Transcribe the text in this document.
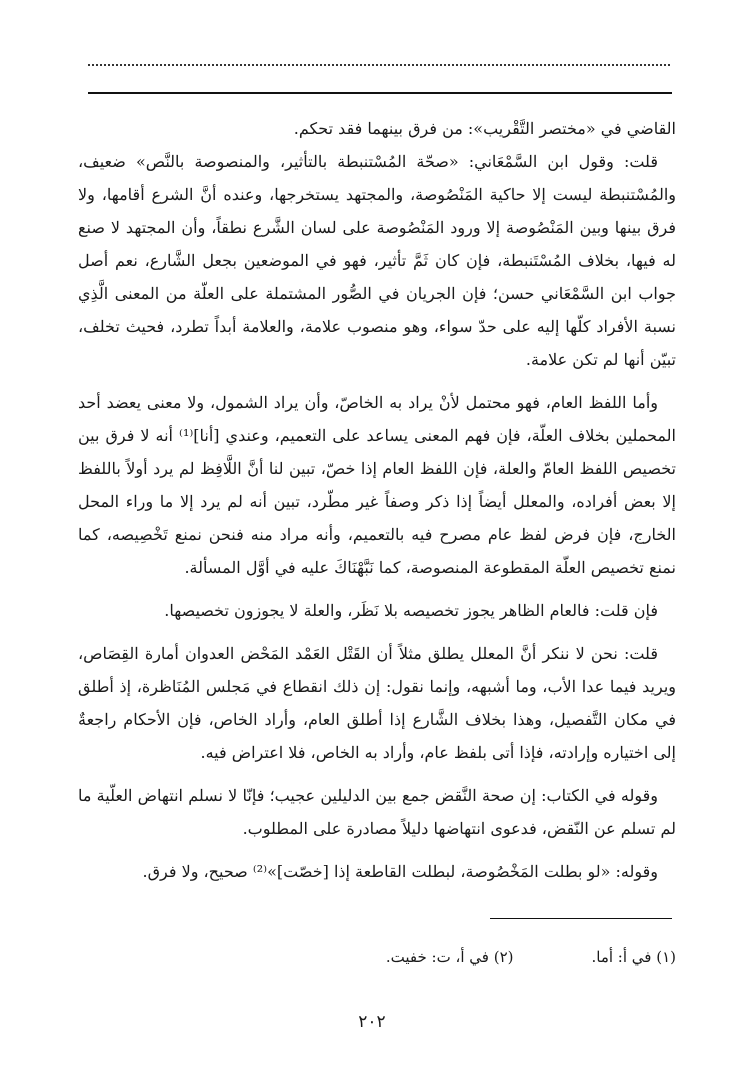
القاضي في «مختصر التَّقْريب»: من فرق بينهما فقد تحكم.

قلت: وقول ابن السَّمْعَاني: «صحّة المُسْتنبطة بالتأثير، والمنصوصة بالنَّص» ضعيف، والمُسْتنبطة ليست إلا حاكية المَنْصُوصة، والمجتهد يستخرجها، وعنده أنَّ الشرع أقامها، ولا فرق بينها وبين المَنْصُوصة إلا ورود المَنْصُوصة على لسان الشَّرع نطقاً، وأن المجتهد لا صنع له فيها، بخلاف المُسْتَنبطة، فإن كان ثَمَّ تأثير، فهو في الموضعين بجعل الشَّارع، نعم أصل جواب ابن السَّمْعَاني حسن؛ فإن الجريان في الصُّور المشتملة على العلّة من المعنى الَّذِي نسبة الأفراد كلّها إليه على حدّ سواء، وهو منصوب علامة، والعلامة أبداً تطرد، فحيث تخلف، تبيّن أنها لم تكن علامة.

وأما اللفظ العام، فهو محتمل لأنْ يراد به الخاصّ، وأن يراد الشمول، ولا معنى يعضد أحد المحملين بخلاف العلّة، فإن فهم المعنى يساعد على التعميم، وعندي [أنا]⁽¹⁾ أنه لا فرق بين تخصيص اللفظ العامّ والعلة، فإن اللفظ العام إذا خصّ، تبين لنا أنَّ اللَّافِظ لم يرد أولاً باللفظ إلا بعض أفراده، والمعلل أيضاً إذا ذكر وصفاً غير مطّرد، تبين أنه لم يرد إلا ما وراء المحل الخارج، فإن فرض لفظ عام مصرح فيه بالتعميم، وأنه مراد منه فنحن نمنع تَخْصِيصه، كما نمنع تخصيص العلّة المقطوعة المنصوصة، كما نَبَّهْنَاكَ عليه في أوَّل المسألة.

فإن قلت: فالعام الظاهر يجوز تخصيصه بلا نَظَر، والعلة لا يجوزون تخصيصها.

قلت: نحن لا ننكر أنَّ المعلل يطلق مثلاً أن القَتْل العَمْد المَحْض العدوان أمارة القِصَاص، ويريد فيما عدا الأب، وما أشبهه، وإنما نقول: إن ذلك انقطاع في مَجلس المُنَاظرة، إذ أطلق في مكان التَّفصيل، وهذا بخلاف الشَّارع إذا أطلق العام، وأراد الخاص، فإن الأحكام راجعةٌ إلى اختياره وإرادته، فإذا أتى بلفظ عام، وأراد به الخاص، فلا اعتراض فيه.

وقوله في الكتاب: إن صحة النَّقض جمع بين الدليلين عجيب؛ فإنّا لا نسلم انتهاض العلّية ما لم تسلم عن النّقض، فدعوى انتهاضها دليلاً مصادرة على المطلوب.

وقوله: «لو بطلت المَخْصُوصة، لبطلت القاطعة إذا [خصّت]»⁽²⁾ صحيح، ولا فرق.

(١) في أ: أما.
(٢) في أ، ت: خفيت.
٢٠٢
